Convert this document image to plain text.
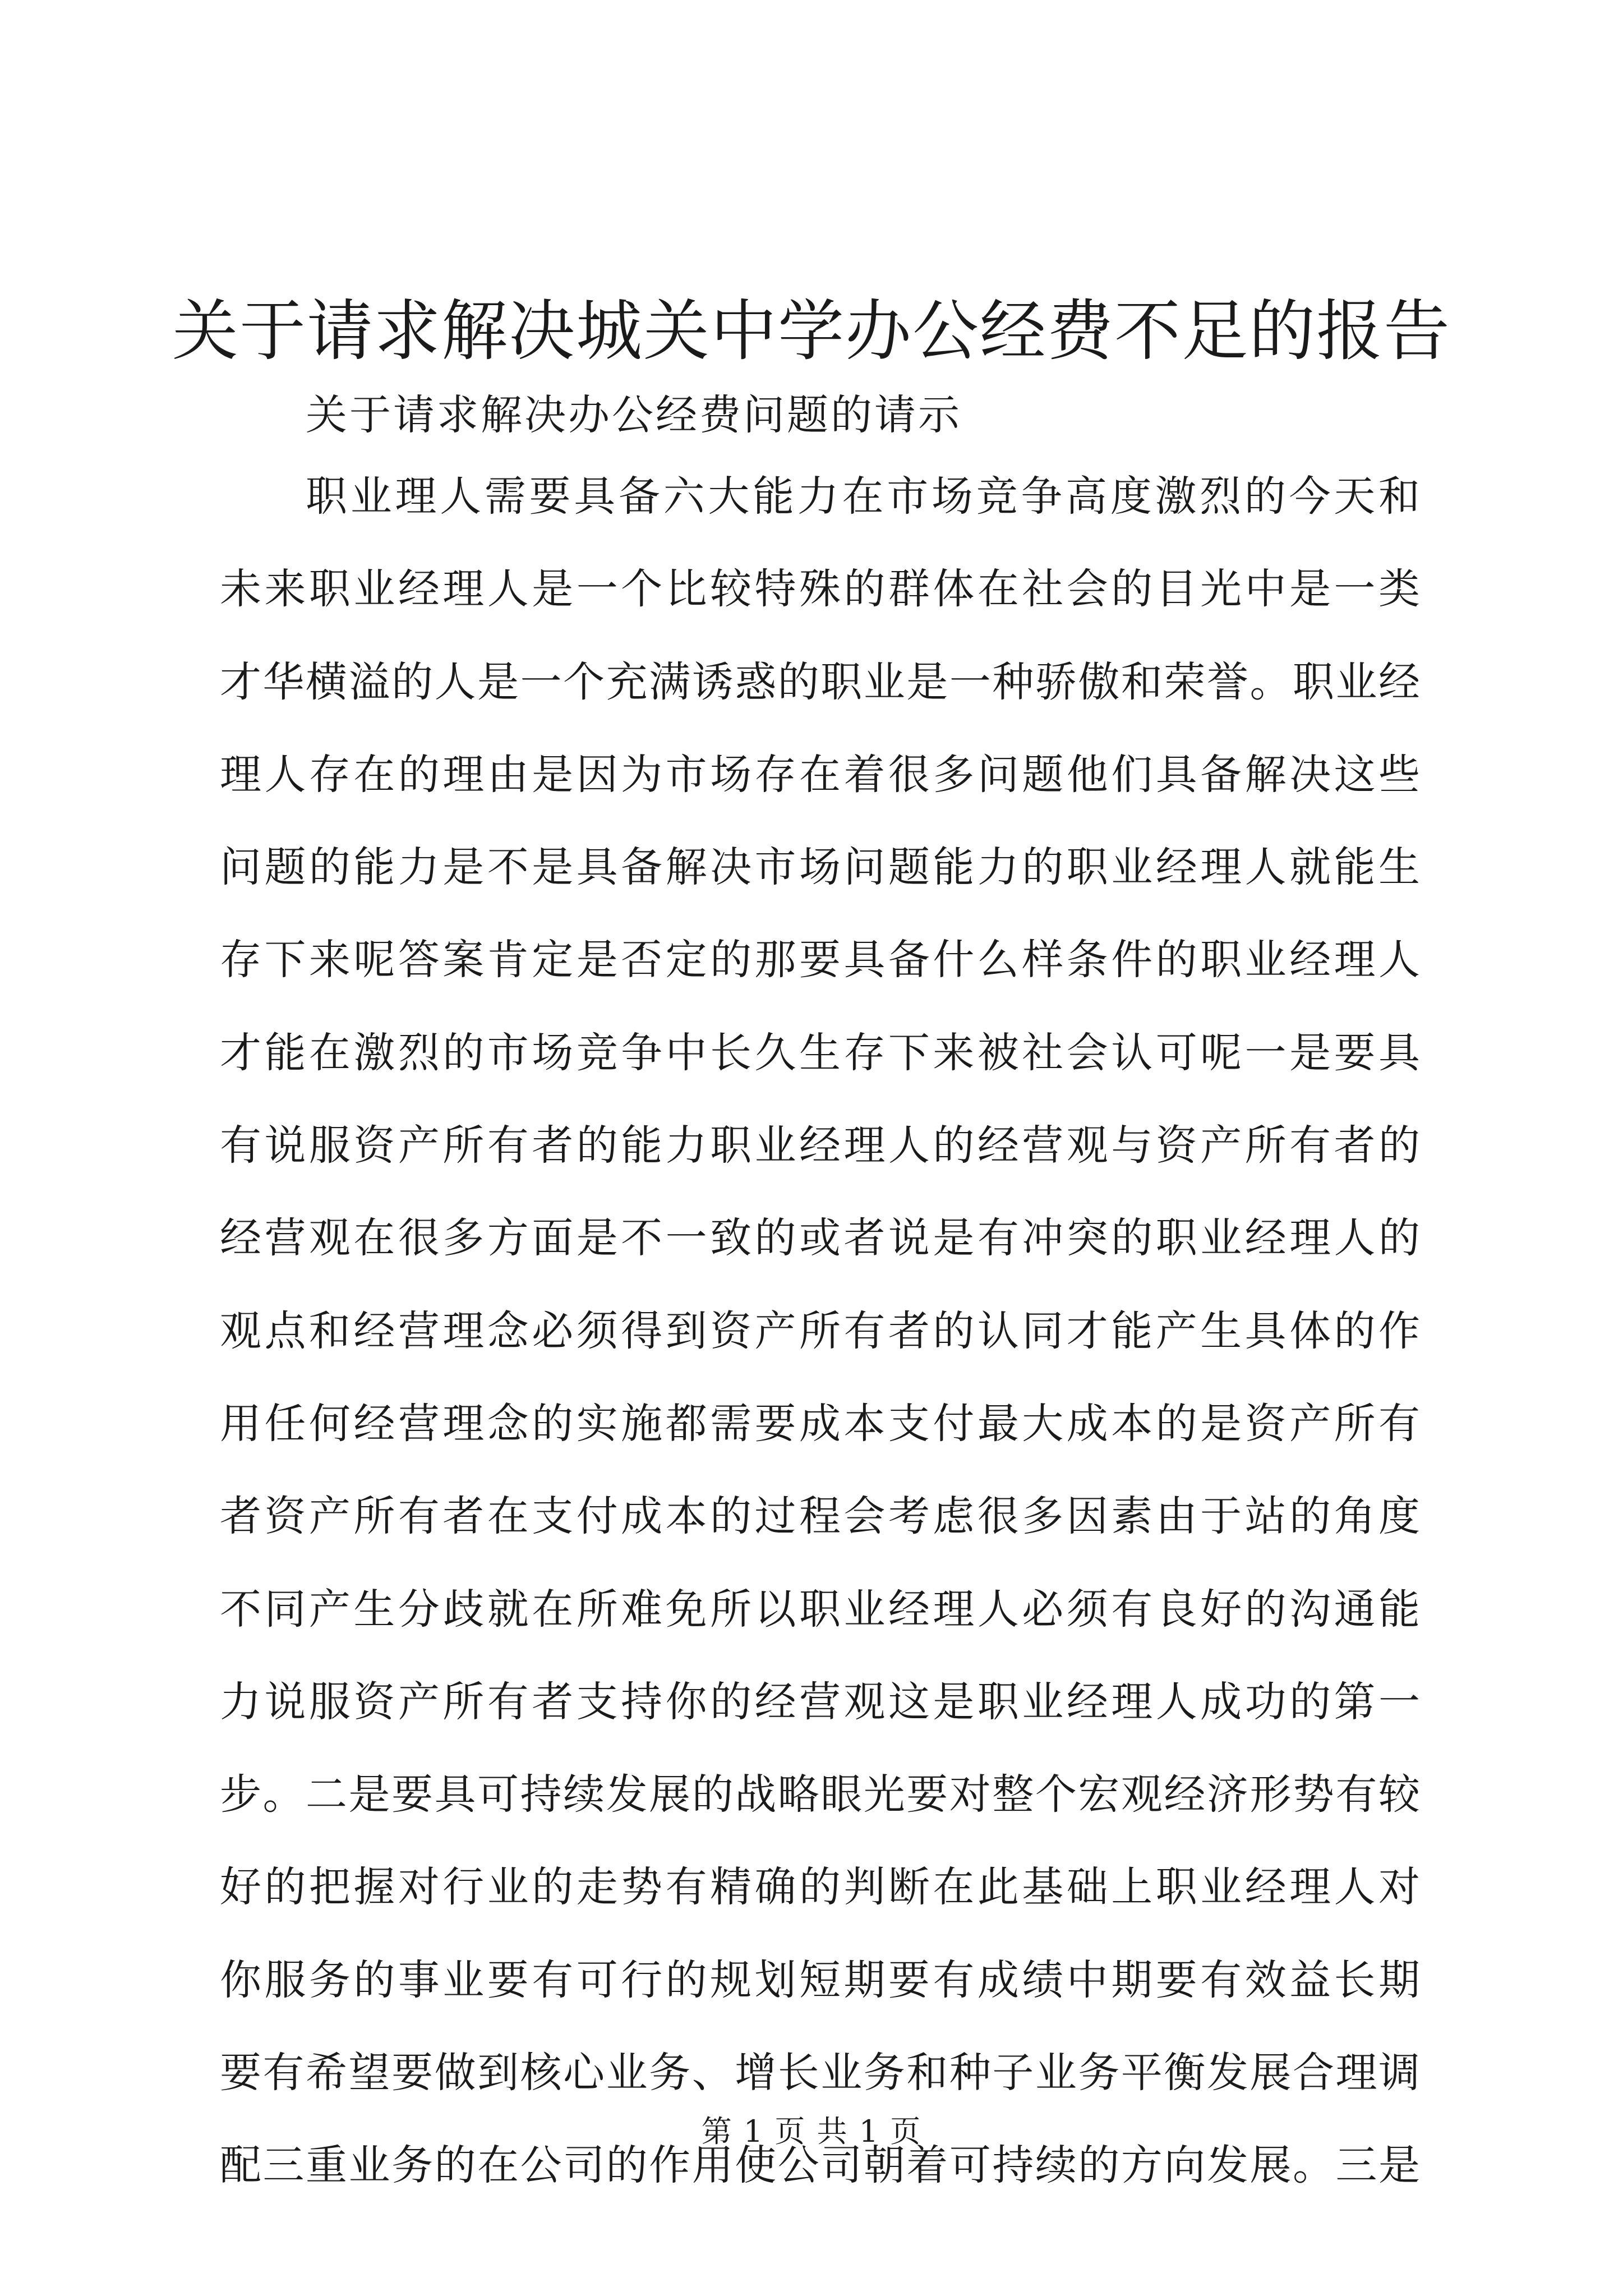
关于请求解决城关中学办公经费不足的报告

关于请求解决办公经费问题的请示

职业理人需要具备六大能力在市场竞争高度激烈的今天和
未来职业经理人是一个比较特殊的群体在社会的目光中是一类
才华横溢的人是一个充满诱惑的职业是一种骄傲和荣誉。职业经
理人存在的理由是因为市场存在着很多问题他们具备解决这些
问题的能力是不是具备解决市场问题能力的职业经理人就能生
存下来呢答案肯定是否定的那要具备什么样条件的职业经理人
才能在激烈的市场竞争中长久生存下来被社会认可呢一是要具
有说服资产所有者的能力职业经理人的经营观与资产所有者的
经营观在很多方面是不一致的或者说是有冲突的职业经理人的
观点和经营理念必须得到资产所有者的认同才能产生具体的作
用任何经营理念的实施都需要成本支付最大成本的是资产所有
者资产所有者在支付成本的过程会考虑很多因素由于站的角度
不同产生分歧就在所难免所以职业经理人必须有良好的沟通能
力说服资产所有者支持你的经营观这是职业经理人成功的第一
步。二是要具可持续发展的战略眼光要对整个宏观经济形势有较
好的把握对行业的走势有精确的判断在此基础上职业经理人对
你服务的事业要有可行的规划短期要有成绩中期要有效益长期
要有希望要做到核心业务、增长业务和种子业务平衡发展合理调
配三重业务的在公司的作用使公司朝着可持续的方向发展。三是

第 1 页 共 1 页
